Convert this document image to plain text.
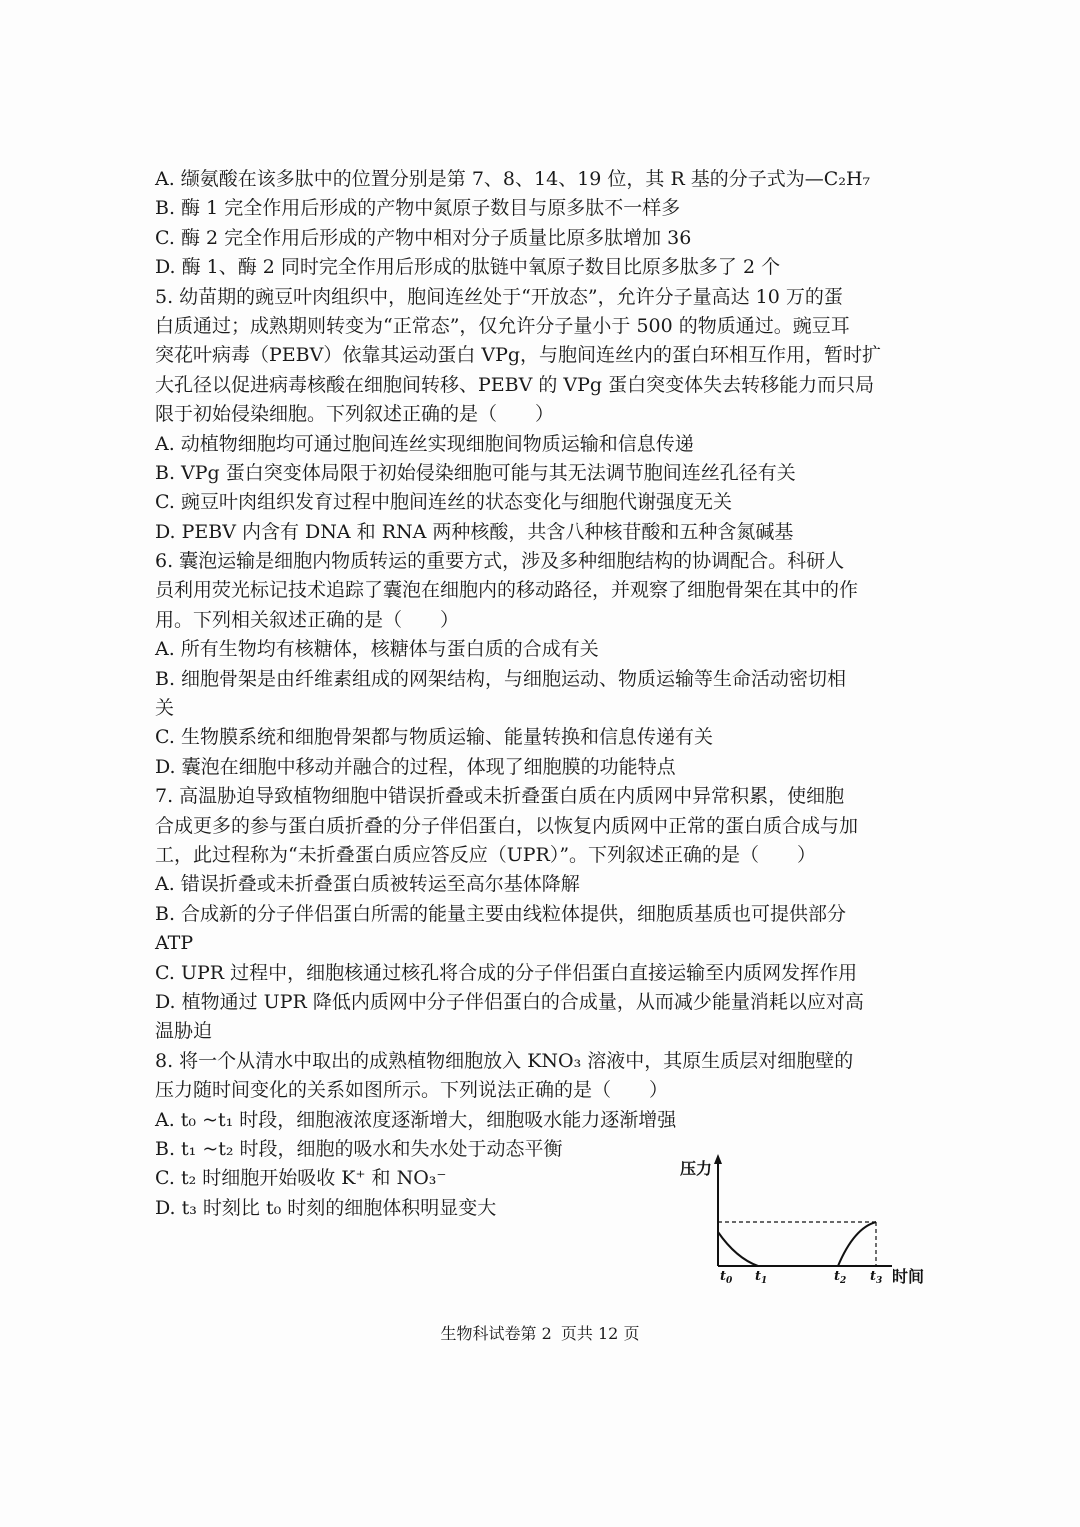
A. 缬氨酸在该多肽中的位置分别是第 7、8、14、19 位，其 R 基的分子式为—C₂H₇
B. 酶 1 完全作用后形成的产物中氮原子数目与原多肽不一样多
C. 酶 2 完全作用后形成的产物中相对分子质量比原多肽增加 36
D. 酶 1、酶 2 同时完全作用后形成的肽链中氧原子数目比原多肽多了 2 个
5. 幼苗期的豌豆叶肉组织中，胞间连丝处于“开放态”，允许分子量高达 10 万的蛋
白质通过；成熟期则转变为“正常态”，仅允许分子量小于 500 的物质通过。豌豆耳
突花叶病毒（PEBV）依靠其运动蛋白 VPg，与胞间连丝内的蛋白环相互作用，暂时扩
大孔径以促进病毒核酸在细胞间转移、PEBV 的 VPg 蛋白突变体失去转移能力而只局
限于初始侵染细胞。下列叙述正确的是（　　）
A. 动植物细胞均可通过胞间连丝实现细胞间物质运输和信息传递
B. VPg 蛋白突变体局限于初始侵染细胞可能与其无法调节胞间连丝孔径有关
C. 豌豆叶肉组织发育过程中胞间连丝的状态变化与细胞代谢强度无关
D. PEBV 内含有 DNA 和 RNA 两种核酸，共含八种核苷酸和五种含氮碱基
6. 囊泡运输是细胞内物质转运的重要方式，涉及多种细胞结构的协调配合。科研人
员利用荧光标记技术追踪了囊泡在细胞内的移动路径，并观察了细胞骨架在其中的作
用。下列相关叙述正确的是（　　）
A. 所有生物均有核糖体，核糖体与蛋白质的合成有关
B. 细胞骨架是由纤维素组成的网架结构，与细胞运动、物质运输等生命活动密切相
关
C. 生物膜系统和细胞骨架都与物质运输、能量转换和信息传递有关
D. 囊泡在细胞中移动并融合的过程，体现了细胞膜的功能特点
7. 高温胁迫导致植物细胞中错误折叠或未折叠蛋白质在内质网中异常积累，使细胞
合成更多的参与蛋白质折叠的分子伴侣蛋白，以恢复内质网中正常的蛋白质合成与加
工，此过程称为“未折叠蛋白质应答反应（UPR）”。下列叙述正确的是（　　）
A. 错误折叠或未折叠蛋白质被转运至高尔基体降解
B. 合成新的分子伴侣蛋白所需的能量主要由线粒体提供，细胞质基质也可提供部分
ATP
C. UPR 过程中，细胞核通过核孔将合成的分子伴侣蛋白直接运输至内质网发挥作用
D. 植物通过 UPR 降低内质网中分子伴侣蛋白的合成量，从而减少能量消耗以应对高
温胁迫
8. 将一个从清水中取出的成熟植物细胞放入 KNO₃ 溶液中，其原生质层对细胞壁的
压力随时间变化的关系如图所示。下列说法正确的是（　　）
A. t₀ ~t₁ 时段，细胞液浓度逐渐增大，细胞吸水能力逐渐增强
B. t₁ ~t₂ 时段，细胞的吸水和失水处于动态平衡
C. t₂ 时细胞开始吸收 K⁺ 和 NO₃⁻
D. t₃ 时刻比 t₀ 时刻的细胞体积明显变大
压力
时间
$t_0$ $t_1$	$t_2$ $t_3$
生物科试卷第 2 页共 12 页
